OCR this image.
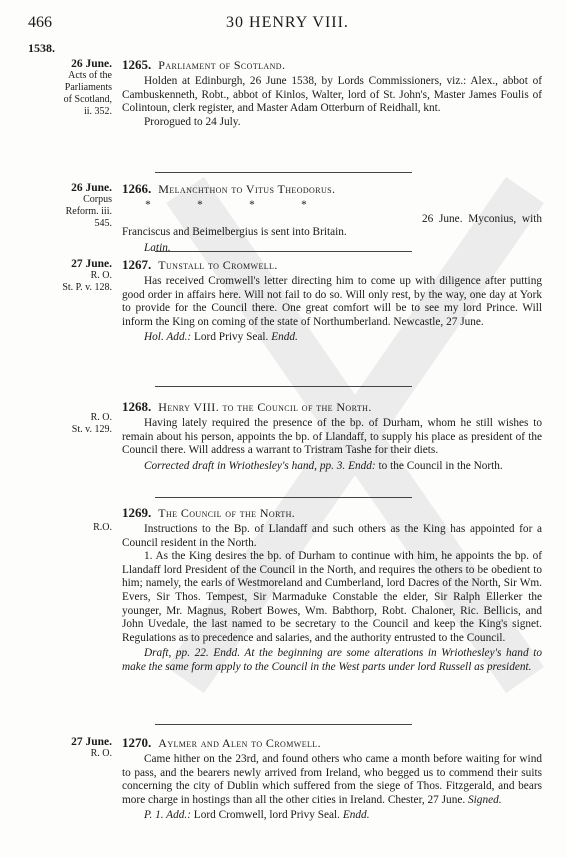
466	30 HENRY VIII.
1538.
26 June.
Acts of the
Parliaments
of Scotland,
ii. 352.
1265. Parliament of Scotland.

Holden at Edinburgh, 26 June 1538, by Lords Commissioners, viz.: Alex., abbot of Cambuskenneth, Robt., abbot of Kinlos, Walter, lord of St. John's, Master James Foulis of Colintoun, clerk register, and Master Adam Otterburn of Reidhall, knt.

Prorogued to 24 July.

26 June.
Corpus
Reform. iii.
545.
1266. Melanchthon to Vitus Theodorus.

*	*	*	*

26 June. Myconius, with Franciscus and Beimelbergius is sent into Britain.

Latin.

27 June.
R. O.
St. P. v. 128.
1267. Tunstall to Cromwell.

Has received Cromwell's letter directing him to come up with diligence after putting good order in affairs here. Will not fail to do so. Will only rest, by the way, one day at York to provide for the Council there. One great comfort will be to see my lord Prince. Will inform the King on coming of the state of Northumberland. Newcastle, 27 June.

Hol. Add.: Lord Privy Seal. Endd.

R. O.
St. v. 129.
1268. Henry VIII. to the Council of the North.

Having lately required the presence of the bp. of Durham, whom he still wishes to remain about his person, appoints the bp. of Llandaff, to supply his place as president of the Council there. Will address a warrant to Tristram Tashe for their diets.

Corrected draft in Wriothesley's hand, pp. 3. Endd: to the Council in the North.

R.O.
1269. The Council of the North.

Instructions to the Bp. of Llandaff and such others as the King has appointed for a Council resident in the North.

1. As the King desires the bp. of Durham to continue with him, he appoints the bp. of Llandaff lord President of the Council in the North, and requires the others to be obedient to him; namely, the earls of Westmoreland and Cumberland, lord Dacres of the North, Sir Wm. Evers, Sir Thos. Tempest, Sir Marmaduke Constable the elder, Sir Ralph Ellerker the younger, Mr. Magnus, Robert Bowes, Wm. Babthorp, Robt. Chaloner, Ric. Bellicis, and John Uvedale, the last named to be secretary to the Council and keep the King's signet. Regulations as to precedence and salaries, and the authority entrusted to the Council.

Draft, pp. 22. Endd. At the beginning are some alterations in Wriothesley's hand to make the same form apply to the Council in the West parts under lord Russell as president.

27 June.
R. O.
1270. Aylmer and Alen to Cromwell.

Came hither on the 23rd, and found others who came a month before waiting for wind to pass, and the bearers newly arrived from Ireland, who begged us to commend their suits concerning the city of Dublin which suffered from the siege of Thos. Fitzgerald, and bears more charge in hostings than all the other cities in Ireland. Chester, 27 June. Signed.

P. 1. Add.: Lord Cromwell, lord Privy Seal. Endd.
